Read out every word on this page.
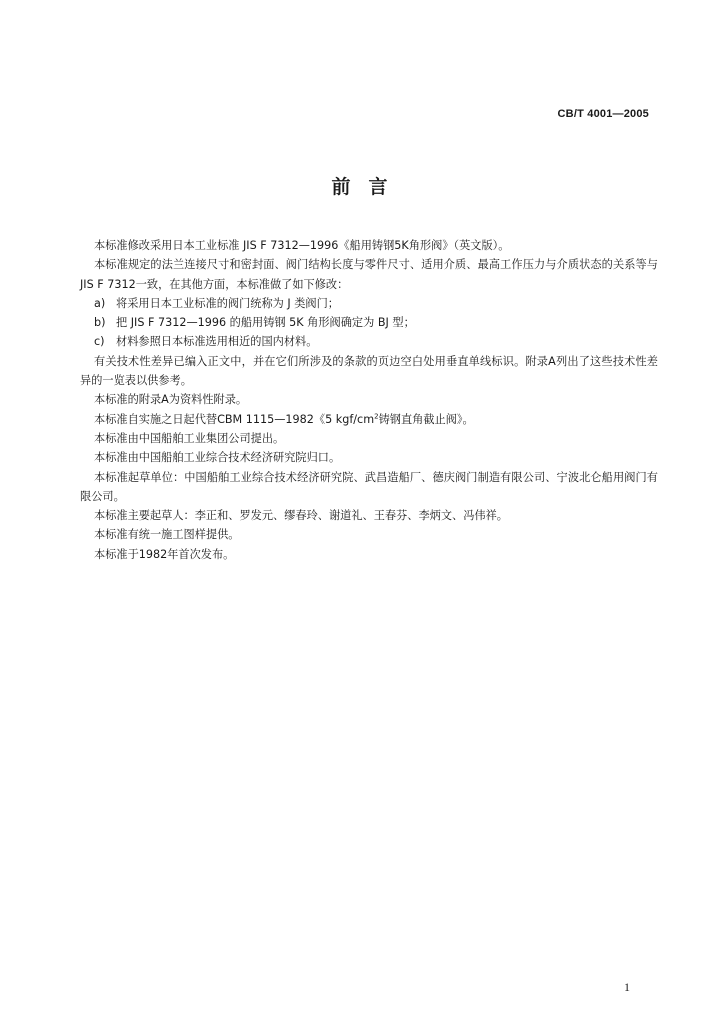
CB/T 4001—2005
前言

本标准修改采用日本工业标准 JIS F 7312—1996《船用铸钢5K角形阀》（英文版）。

本标准规定的法兰连接尺寸和密封面、阀门结构长度与零件尺寸、适用介质、最高工作压力与介质状态的关系等与JIS F 7312一致，在其他方面，本标准做了如下修改：

a) 将采用日本工业标准的阀门统称为 J 类阀门；

b) 把 JIS F 7312—1996 的船用铸钢 5K 角形阀确定为 BJ 型；

c) 材料参照日本标准选用相近的国内材料。

有关技术性差异已编入正文中，并在它们所涉及的条款的页边空白处用垂直单线标识。附录A列出了这些技术性差异的一览表以供参考。

本标准的附录A为资料性附录。

本标准自实施之日起代替CBM 1115—1982《5 kgf/$cm^2$铸钢直角截止阀》。

本标准由中国船舶工业集团公司提出。

本标准由中国船舶工业综合技术经济研究院归口。

本标准起草单位：中国船舶工业综合技术经济研究院、武昌造船厂、德庆阀门制造有限公司、宁波北仑船用阀门有限公司。

本标准主要起草人：李正和、罗发元、缪春玲、谢道礼、王春芬、李炳文、冯伟祥。

本标准有统一施工图样提供。

本标准于1982年首次发布。

1
